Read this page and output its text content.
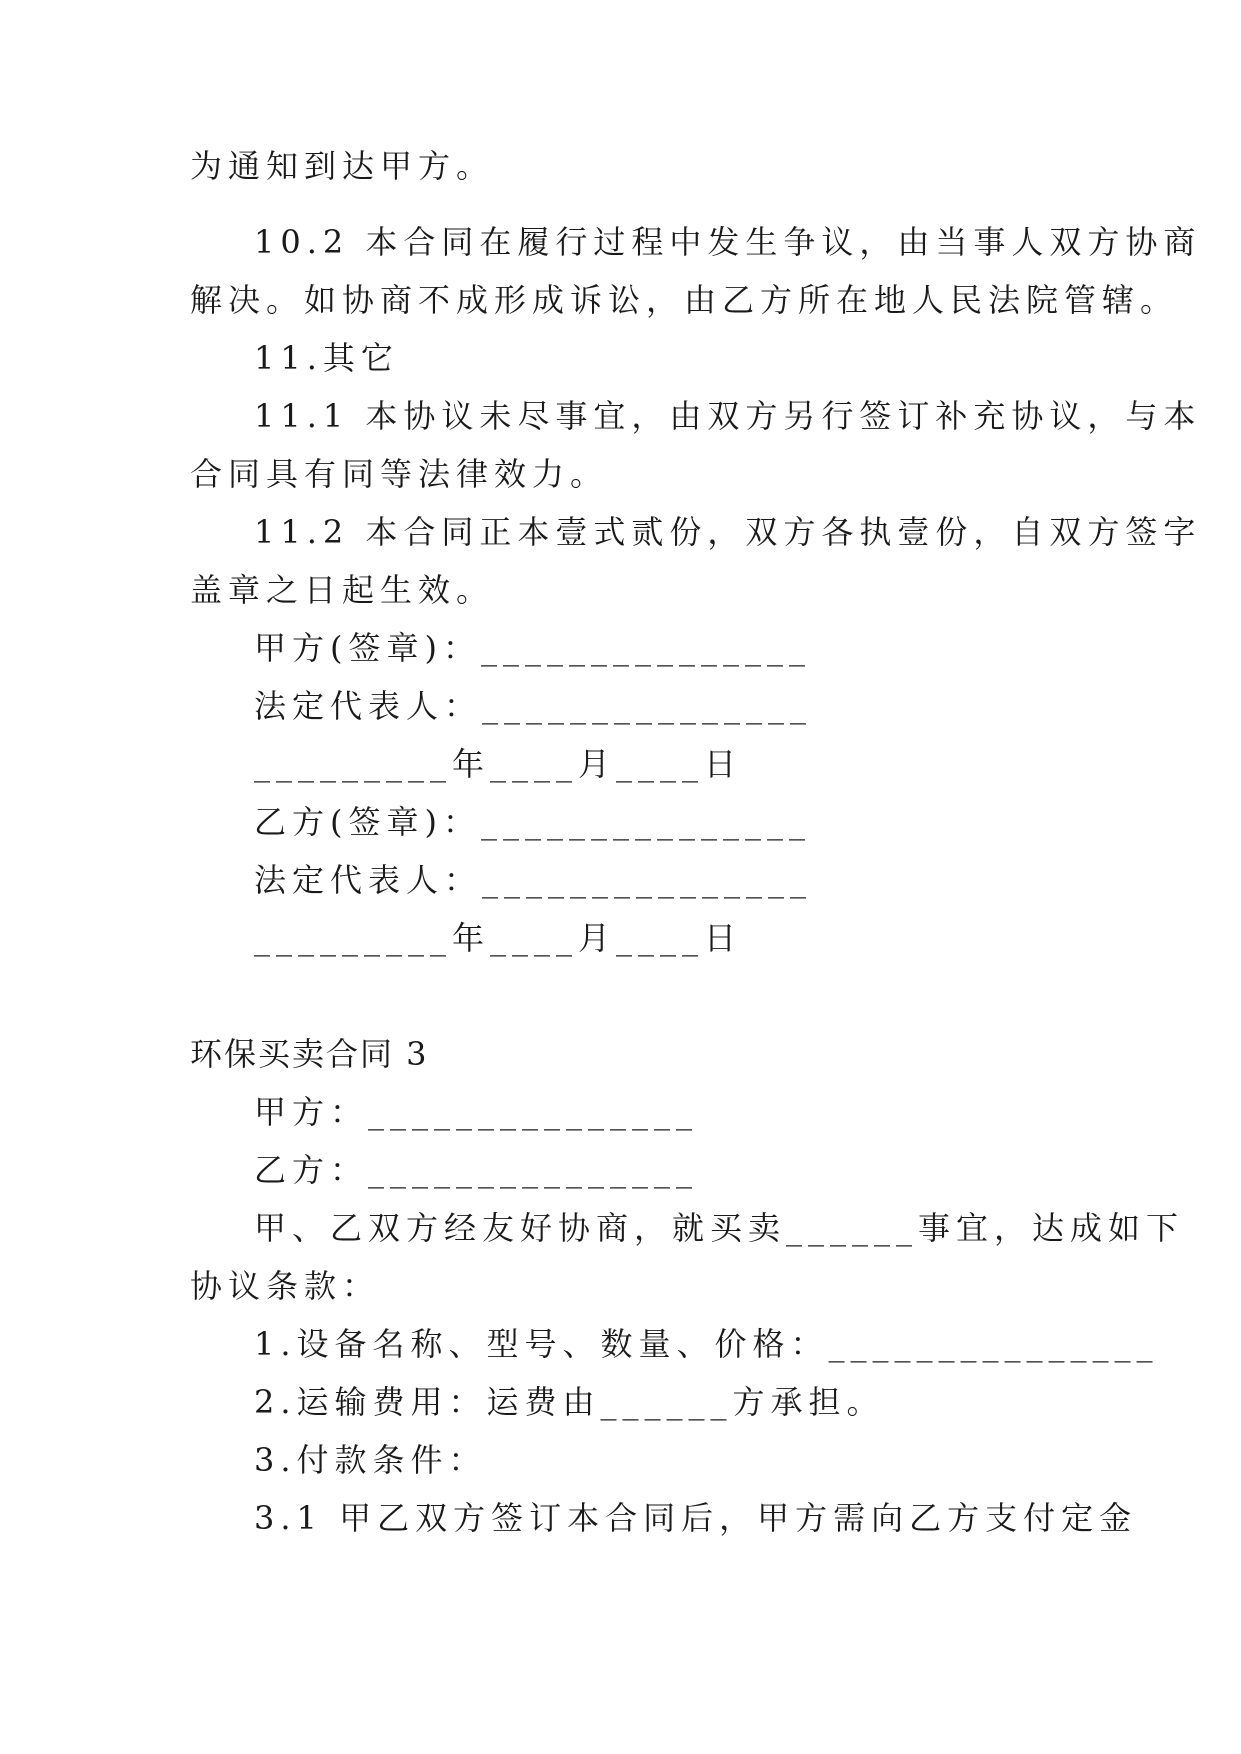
为通知到达甲方。
10.2 本合同在履行过程中发生争议，由当事人双方协商
解决。如协商不成形成诉讼，由乙方所在地人民法院管辖。
11.其它
11.1 本协议未尽事宜，由双方另行签订补充协议，与本
合同具有同等法律效力。
11.2 本合同正本壹式贰份，双方各执壹份，自双方签字
盖章之日起生效。
甲方(签章)：_______________
法定代表人：_______________
_________年____月____日
乙方(签章)：_______________
法定代表人：_______________
_________年____月____日
环保买卖合同 3
甲方：_______________
乙方：_______________
甲、乙双方经友好协商，就买卖______事宜，达成如下
协议条款：
1.设备名称、型号、数量、价格：_______________
2.运输费用：运费由______方承担。
3.付款条件：
3.1 甲乙双方签订本合同后，甲方需向乙方支付定金
